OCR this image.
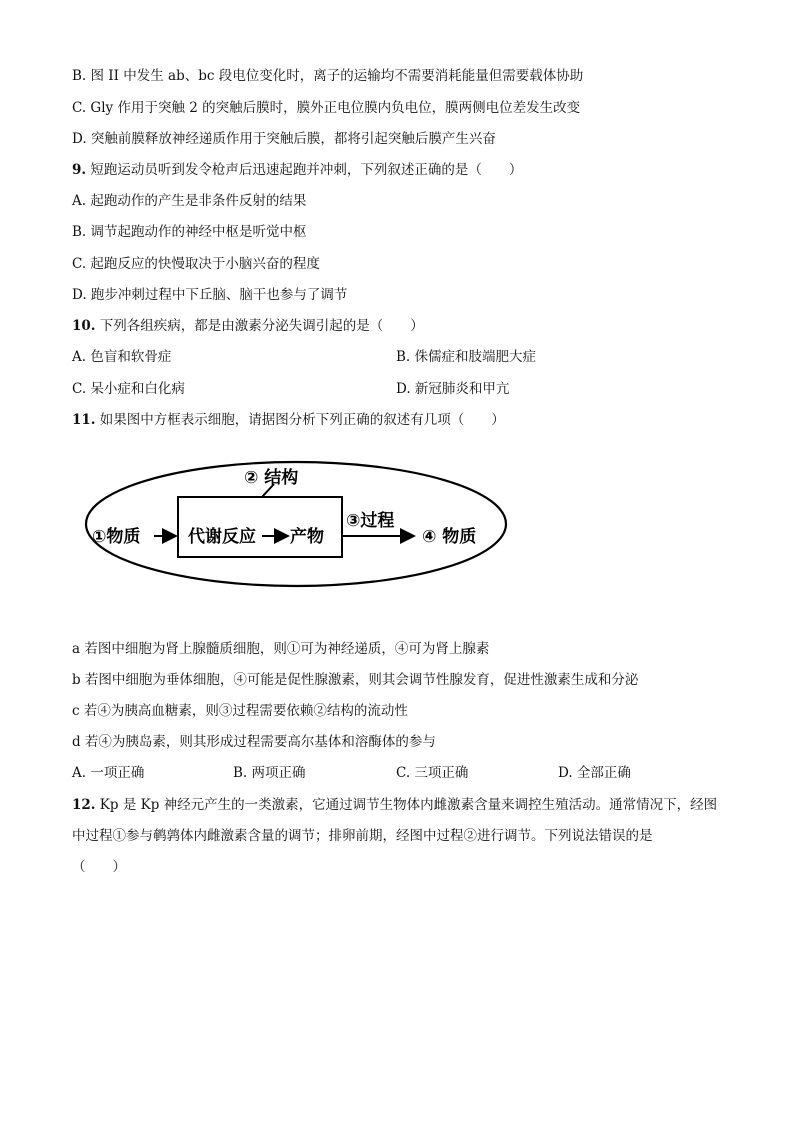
B. 图 II 中发生 ab、bc 段电位变化时，离子的运输均不需要消耗能量但需要载体协助
C. Gly 作用于突触 2 的突触后膜时，膜外正电位膜内负电位，膜两侧电位差发生改变
D. 突触前膜释放神经递质作用于突触后膜，都将引起突触后膜产生兴奋
9. 短跑运动员听到发令枪声后迅速起跑并冲刺，下列叙述正确的是（　　）
A. 起跑动作的产生是非条件反射的结果
B. 调节起跑动作的神经中枢是听觉中枢
C. 起跑反应的快慢取决于小脑兴奋的程度
D. 跑步冲刺过程中下丘脑、脑干也参与了调节
10. 下列各组疾病，都是由激素分泌失调引起的是（　　）
A. 色盲和软骨症	B. 侏儒症和肢端肥大症
C. 呆小症和白化病	D. 新冠肺炎和甲亢
11. 如果图中方框表示细胞，请据图分析下列正确的叙述有几项（　　）
② 结构
①物质	代谢反应 产物
③过程
④ 物质
a 若图中细胞为肾上腺髓质细胞，则①可为神经递质，④可为肾上腺素
b 若图中细胞为垂体细胞，④可能是促性腺激素，则其会调节性腺发育，促进性激素生成和分泌
c 若④为胰高血糖素，则③过程需要依赖②结构的流动性
d 若④为胰岛素，则其形成过程需要高尔基体和溶酶体的参与
A. 一项正确	B. 两项正确	C. 三项正确	D. 全部正确
12. Kp 是 Kp 神经元产生的一类激素，它通过调节生物体内雌激素含量来调控生殖活动。通常情况下，经图
中过程①参与鹌鹑体内雌激素含量的调节；排卵前期，经图中过程②进行调节。下列说法错误的是
（　　）
